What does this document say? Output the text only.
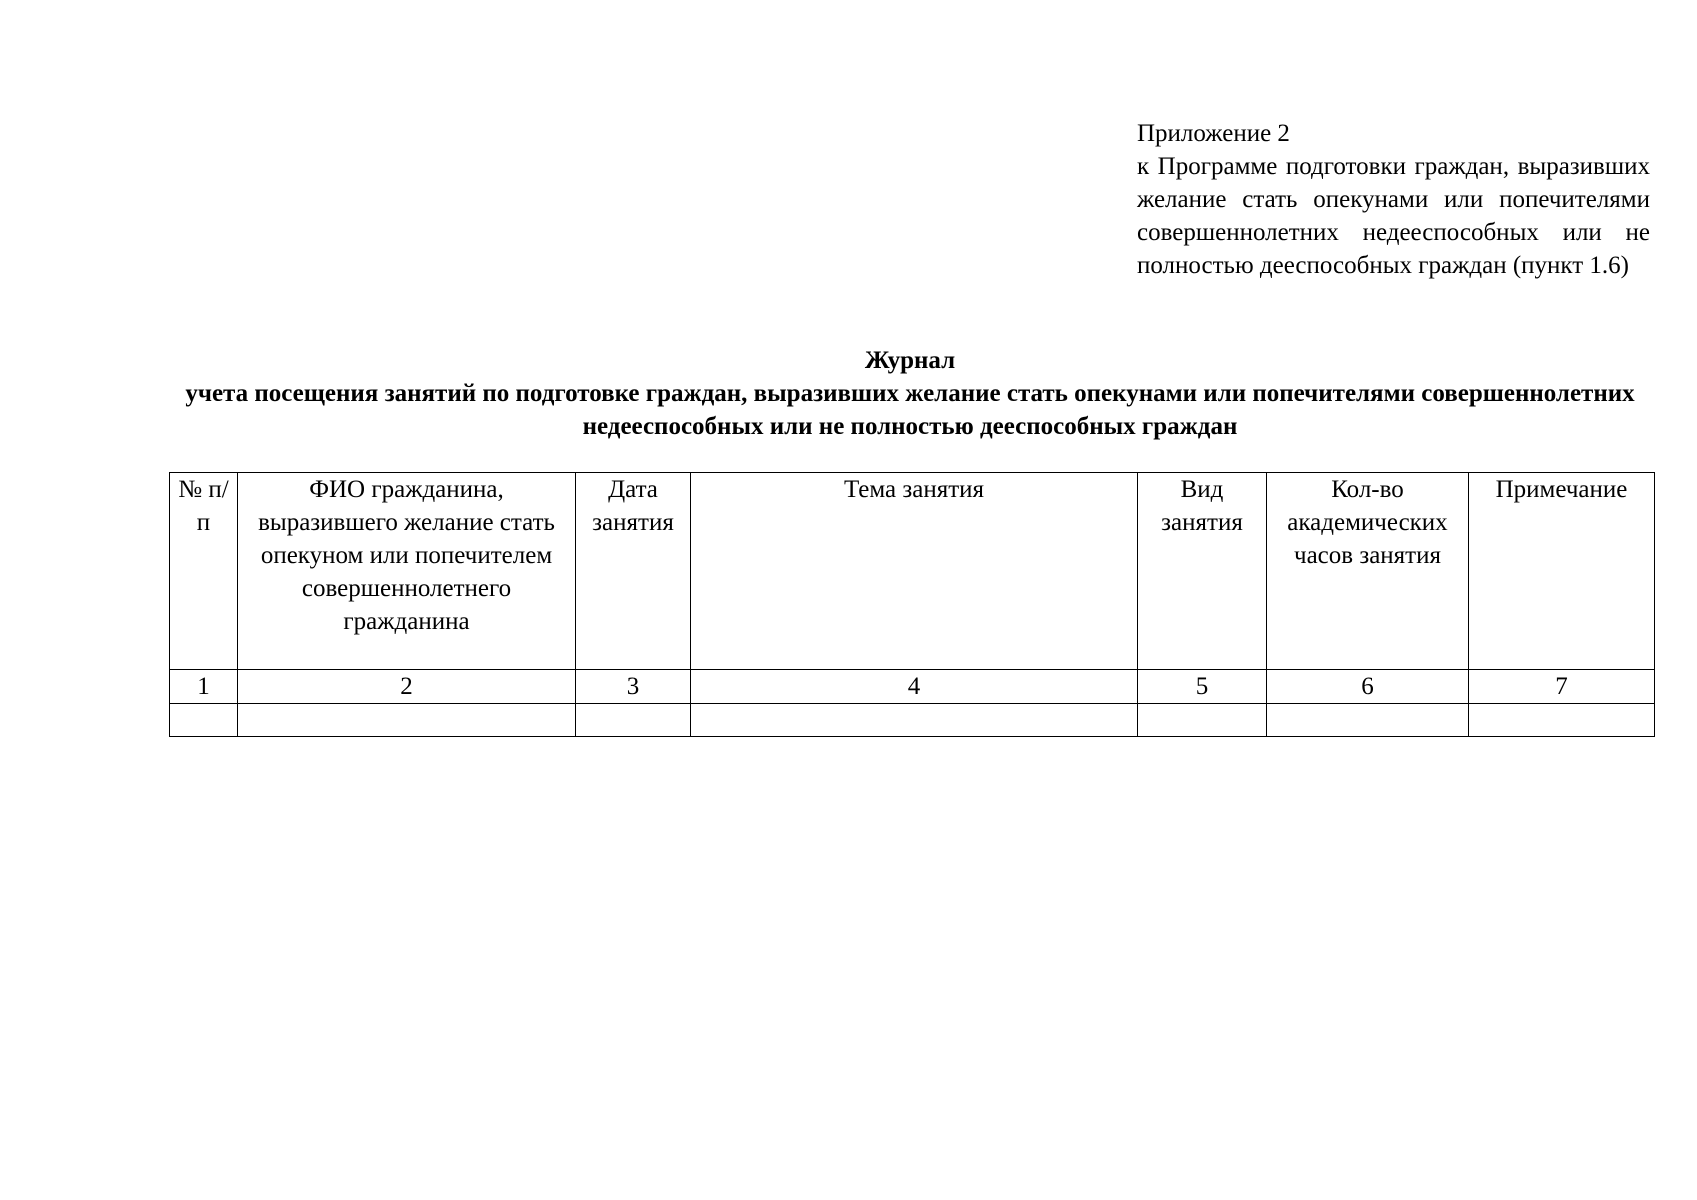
Приложение 2
к Программе подготовки граждан, выразивших желание стать опекунами или попечителями совершеннолетних недееспособных или не полностью дееспособных граждан (пункт 1.6)
Журнал
учета посещения занятий по подготовке граждан, выразивших желание стать опекунами или попечителями совершеннолетних недееспособных или не полностью дееспособных граждан
№ п/п	ФИО гражданина, выразившего желание стать опекуном или попечителем совершеннолетнего гражданина	Дата занятия	Тема занятия	Вид занятия	Кол-во академических часов занятия	Примечание
1	2	3	4	5	6	7
